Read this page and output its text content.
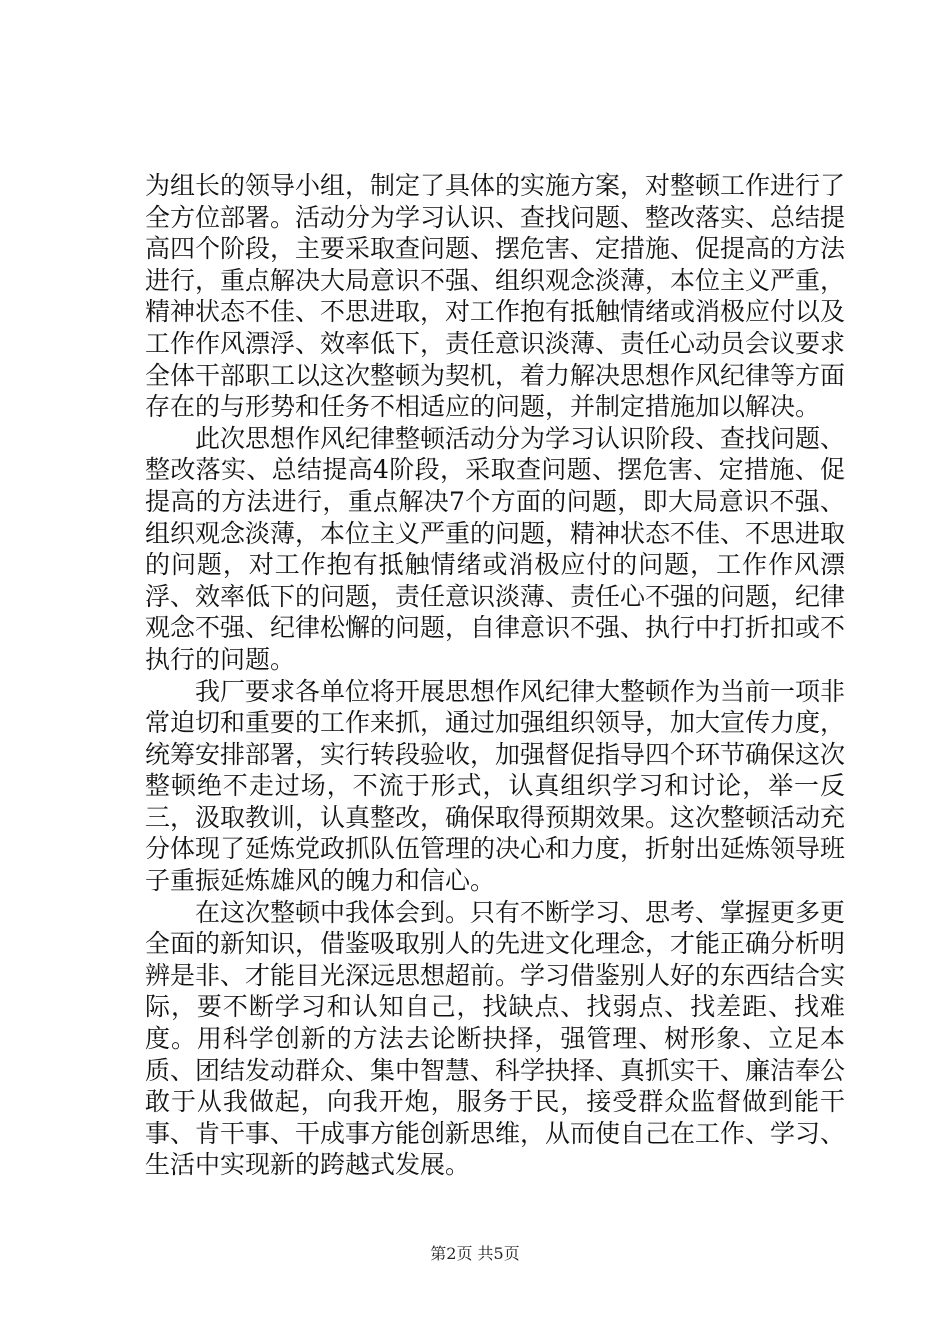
为组长的领导小组，制定了具体的实施方案，对整顿工作进行了全方位部署。活动分为学习认识、查找问题、整改落实、总结提高四个阶段，主要采取查问题、摆危害、定措施、促提高的方法进行，重点解决大局意识不强、组织观念淡薄，本位主义严重，精神状态不佳、不思进取，对工作抱有抵触情绪或消极应付以及工作作风漂浮、效率低下，责任意识淡薄、责任心动员会议要求全体干部职工以这次整顿为契机，着力解决思想作风纪律等方面存在的与形势和任务不相适应的问题，并制定措施加以解决。

此次思想作风纪律整顿活动分为学习认识阶段、查找问题、整改落实、总结提高4阶段，采取查问题、摆危害、定措施、促提高的方法进行，重点解决7个方面的问题，即大局意识不强、组织观念淡薄，本位主义严重的问题，精神状态不佳、不思进取的问题，对工作抱有抵触情绪或消极应付的问题，工作作风漂浮、效率低下的问题，责任意识淡薄、责任心不强的问题，纪律观念不强、纪律松懈的问题，自律意识不强、执行中打折扣或不执行的问题。

我厂要求各单位将开展思想作风纪律大整顿作为当前一项非常迫切和重要的工作来抓，通过加强组织领导，加大宣传力度，统筹安排部署，实行转段验收，加强督促指导四个环节确保这次整顿绝不走过场，不流于形式，认真组织学习和讨论，举一反三，汲取教训，认真整改，确保取得预期效果。这次整顿活动充分体现了延炼党政抓队伍管理的决心和力度，折射出延炼领导班子重振延炼雄风的魄力和信心。

在这次整顿中我体会到。只有不断学习、思考、掌握更多更全面的新知识，借鉴吸取别人的先进文化理念，才能正确分析明辨是非、才能目光深远思想超前。学习借鉴别人好的东西结合实际，要不断学习和认知自己，找缺点、找弱点、找差距、找难度。用科学创新的方法去论断抉择，强管理、树形象、立足本质、团结发动群众、集中智慧、科学抉择、真抓实干、廉洁奉公敢于从我做起，向我开炮，服务于民，接受群众监督做到能干事、肯干事、干成事方能创新思维，从而使自己在工作、学习、生活中实现新的跨越式发展。

第2页 共5页
